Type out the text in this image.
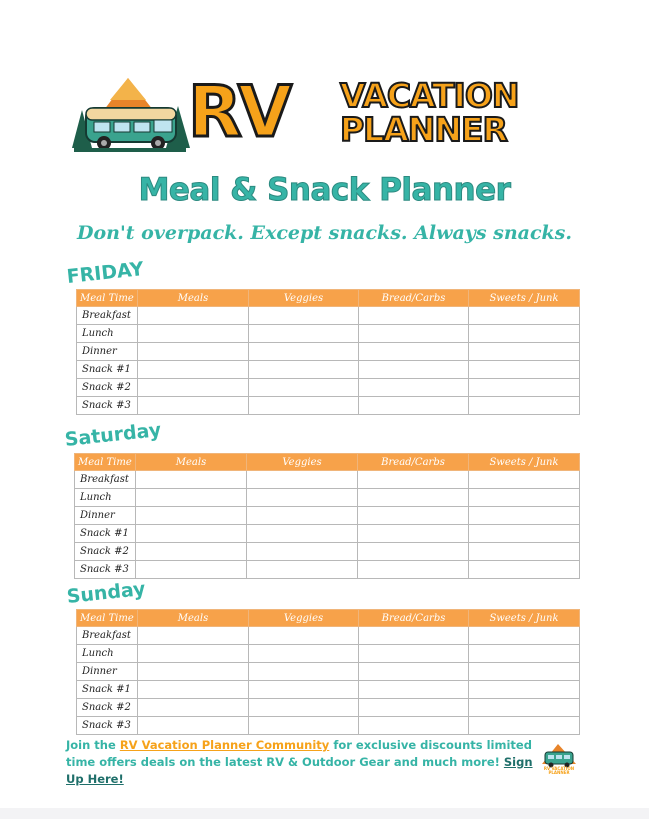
RV VACATION
PLANNER
Meal & Snack Planner
Don't overpack. Except snacks. Always snacks.
FRIDAY
Meal Time	Meals	Veggies	Bread/Carbs	Sweets / Junk
Breakfast				
Lunch				
Dinner				
Snack #1				
Snack #2				
Snack #3				
Saturday
Meal Time	Meals	Veggies	Bread/Carbs	Sweets / Junk
Breakfast				
Lunch				
Dinner				
Snack #1				
Snack #2				
Snack #3				
Sunday
Meal Time	Meals	Veggies	Bread/Carbs	Sweets / Junk
Breakfast				
Lunch				
Dinner				
Snack #1				
Snack #2				
Snack #3				
Join the RV Vacation Planner Community for exclusive discounts limited time offers deals on the latest RV & Outdoor Gear and much more! Sign Up Here!
RV VACATION
PLANNER
